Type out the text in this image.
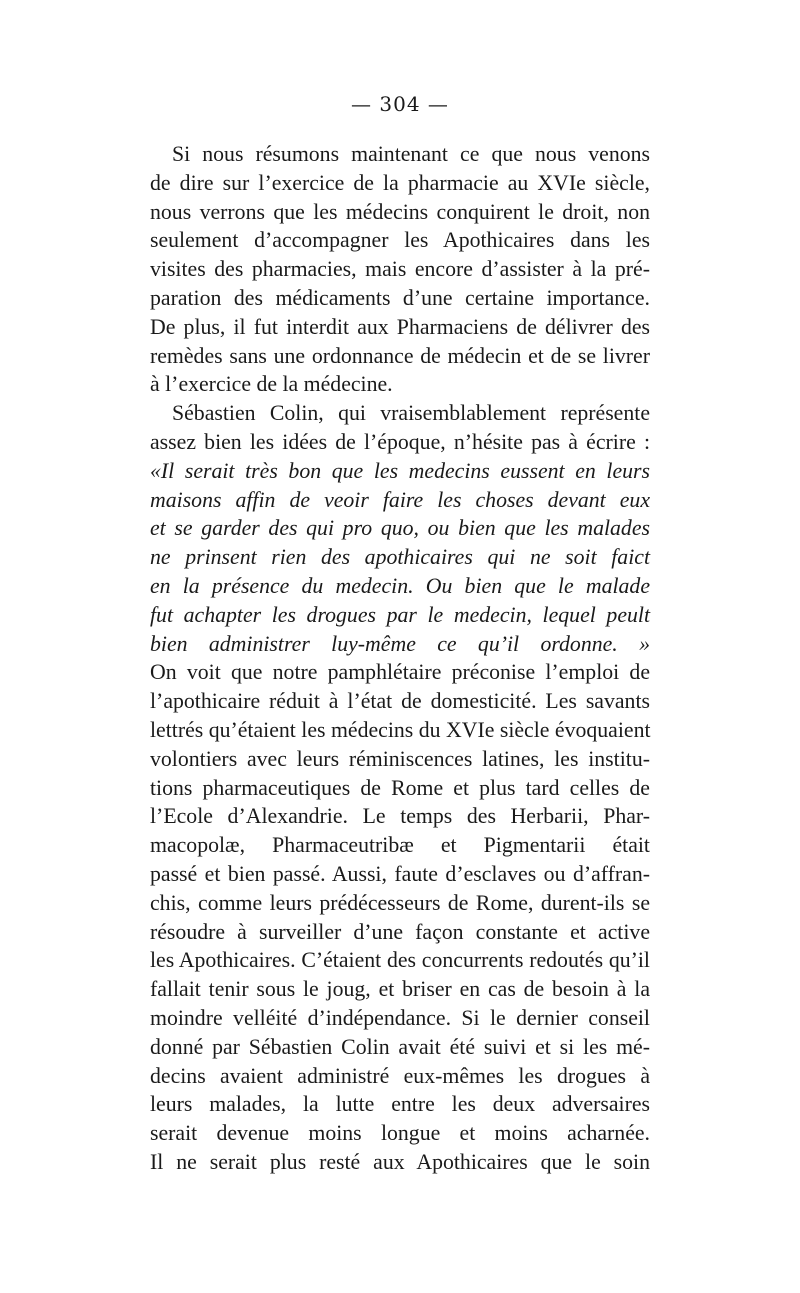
— 304 —
Si nous résumons maintenant ce que nous venons
de dire sur l’exercice de la pharmacie au XVIe siècle,
nous verrons que les médecins conquirent le droit, non
seulement d’accompagner les Apothicaires dans les
visites des pharmacies, mais encore d’assister à la pré-
paration des médicaments d’une certaine importance.
De plus, il fut interdit aux Pharmaciens de délivrer des
remèdes sans une ordonnance de médecin et de se livrer
à l’exercice de la médecine.
Sébastien Colin, qui vraisemblablement représente
assez bien les idées de l’époque, n’hésite pas à écrire :
«Il serait très bon que les medecins eussent en leurs
maisons affin de veoir faire les choses devant eux
et se garder des qui pro quo, ou bien que les malades
ne prinsent rien des apothicaires qui ne soit faict
en la présence du medecin. Ou bien que le malade
fut achapter les drogues par le medecin, lequel peult
bien administrer luy-même ce qu’il ordonne. »
On voit que notre pamphlétaire préconise l’emploi de
l’apothicaire réduit à l’état de domesticité. Les savants
lettrés qu’étaient les médecins du XVIe siècle évoquaient
volontiers avec leurs réminiscences latines, les institu-
tions pharmaceutiques de Rome et plus tard celles de
l’Ecole d’Alexandrie. Le temps des Herbarii, Phar-
macopolæ, Pharmaceutribæ et Pigmentarii était
passé et bien passé. Aussi, faute d’esclaves ou d’affran-
chis, comme leurs prédécesseurs de Rome, durent-ils se
résoudre à surveiller d’une façon constante et active
les Apothicaires. C’étaient des concurrents redoutés qu’il
fallait tenir sous le joug, et briser en cas de besoin à la
moindre velléité d’indépendance. Si le dernier conseil
donné par Sébastien Colin avait été suivi et si les mé-
decins avaient administré eux-mêmes les drogues à
leurs malades, la lutte entre les deux adversaires
serait devenue moins longue et moins acharnée.
Il ne serait plus resté aux Apothicaires que le soin
